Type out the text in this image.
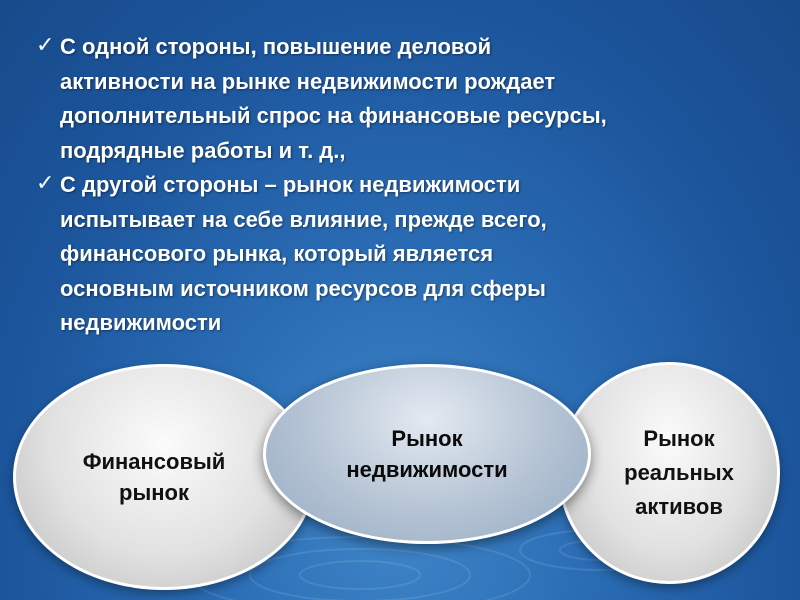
✓ С одной стороны, повышение деловой
активности на рынке недвижимости рождает
дополнительный спрос на финансовые ресурсы,
подрядные работы и т. д.,
✓ С другой стороны – рынок недвижимости
испытывает на себе влияние, прежде всего,
финансового рынка, который является
основным источником ресурсов для сферы
недвижимости
Финансовый
рынок
Рынок
реальных
активов
Рынок
недвижимости
